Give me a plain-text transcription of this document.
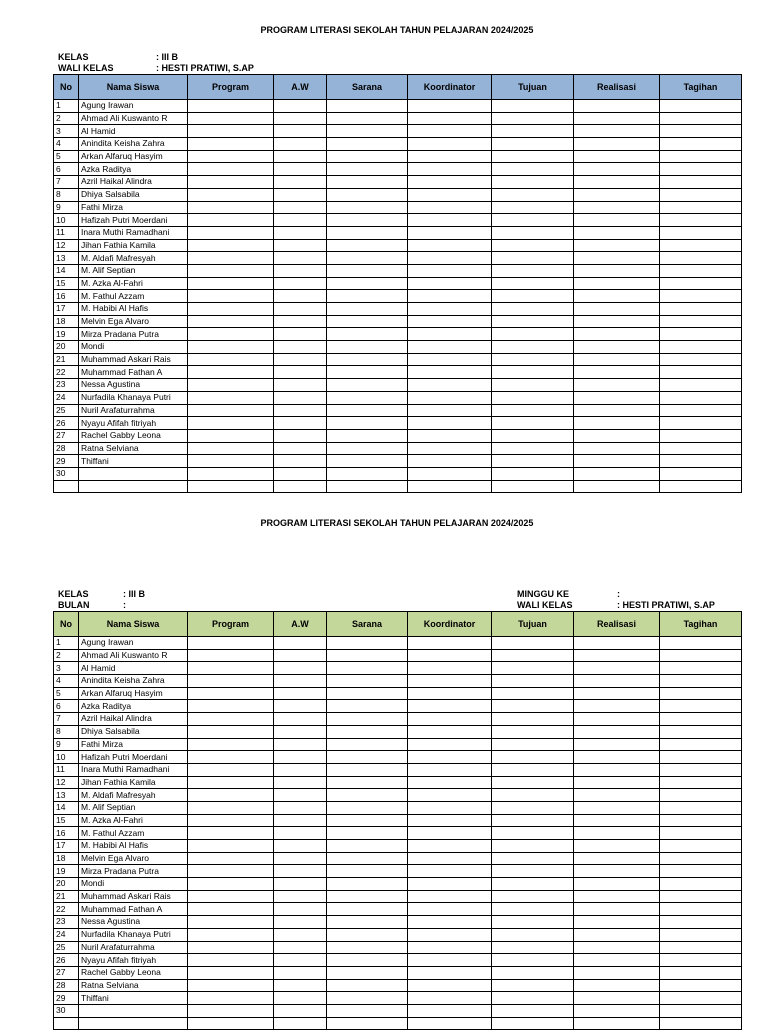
PROGRAM LITERASI SEKOLAH TAHUN PELAJARAN 2024/2025
KELAS	: III B
WALI KELAS	: HESTI PRATIWI, S.AP
No	Nama Siswa	Program	A.W	Sarana	Koordinator	Tujuan	Realisasi	Tagihan
1	Agung Irawan							
2	Ahmad Ali Kuswanto R							
3	Al Hamid							
4	Anindita Keisha Zahra							
5	Arkan Alfaruq Hasyim							
6	Azka Raditya							
7	Azril Haikal Alindra							
8	Dhiya Salsabila							
9	Fathi Mirza							
10	Hafizah Putri Moerdani							
11	Inara Muthi Ramadhani							
12	Jihan Fathia Kamila							
13	M. Aldafi Mafresyah							
14	M. Alif Septian							
15	M. Azka Al-Fahri							
16	M. Fathul Azzam							
17	M. Habibi Al Hafis							
18	Melvin Ega Alvaro							
19	Mirza Pradana Putra							
20	Mondi							
21	Muhammad Askari Rais							
22	Muhammad Fathan A							
23	Nessa Agustina							
24	Nurfadila Khanaya Putri							
25	Nuril Arafaturrahma							
26	Nyayu Afifah fitriyah							
27	Rachel Gabby Leona							
28	Ratna Selviana							
29	Thiffani							
30								

PROGRAM LITERASI SEKOLAH TAHUN PELAJARAN 2024/2025
KELAS	: III B
BULAN	:
MINGGU KE	:
WALI KELAS	: HESTI PRATIWI, S.AP
No	Nama Siswa	Program	A.W	Sarana	Koordinator	Tujuan	Realisasi	Tagihan
1	Agung Irawan							
2	Ahmad Ali Kuswanto R							
3	Al Hamid							
4	Anindita Keisha Zahra							
5	Arkan Alfaruq Hasyim							
6	Azka Raditya							
7	Azril Haikal Alindra							
8	Dhiya Salsabila							
9	Fathi Mirza							
10	Hafizah Putri Moerdani							
11	Inara Muthi Ramadhani							
12	Jihan Fathia Kamila							
13	M. Aldafi Mafresyah							
14	M. Alif Septian							
15	M. Azka Al-Fahri							
16	M. Fathul Azzam							
17	M. Habibi Al Hafis							
18	Melvin Ega Alvaro							
19	Mirza Pradana Putra							
20	Mondi							
21	Muhammad Askari Rais							
22	Muhammad Fathan A							
23	Nessa Agustina							
24	Nurfadila Khanaya Putri							
25	Nuril Arafaturrahma							
26	Nyayu Afifah fitriyah							
27	Rachel Gabby Leona							
28	Ratna Selviana							
29	Thiffani							
30								
